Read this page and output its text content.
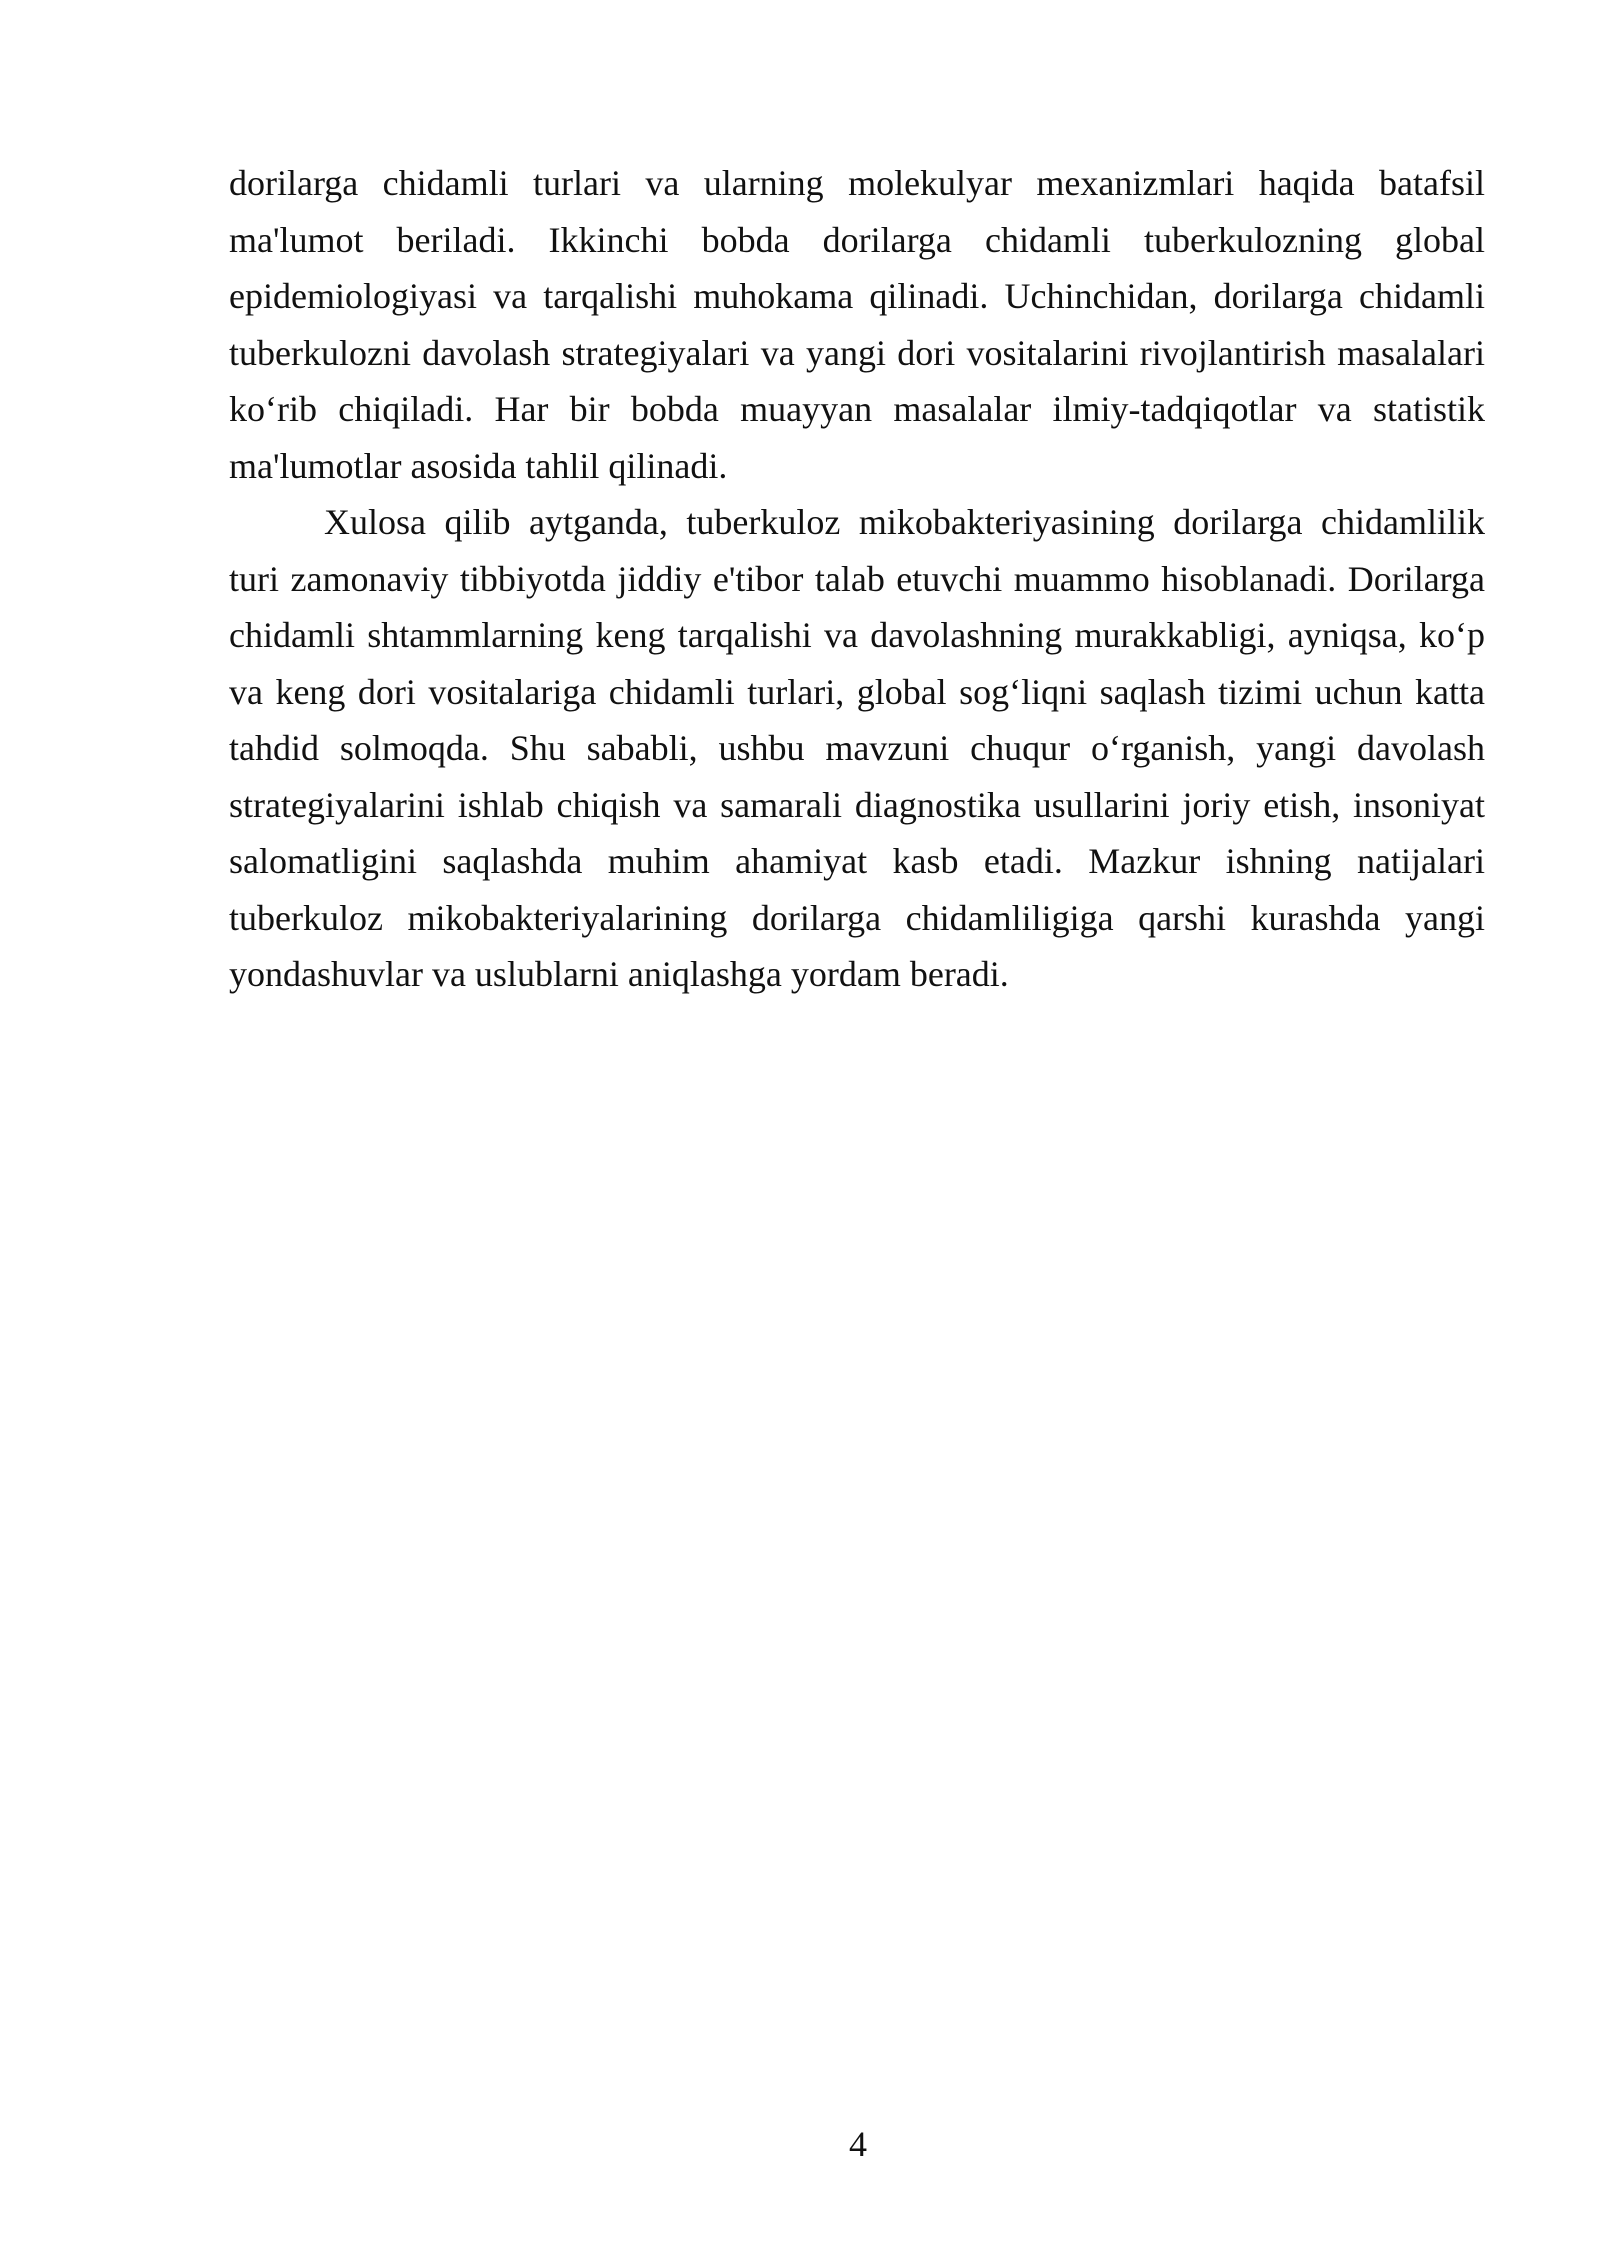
dorilarga chidamli turlari va ularning molekulyar mexanizmlari haqida batafsil ma'lumot beriladi. Ikkinchi bobda dorilarga chidamli tuberkulozning global epidemiologiyasi va tarqalishi muhokama qilinadi. Uchinchidan, dorilarga chidamli tuberkulozni davolash strategiyalari va yangi dori vositalarini rivojlantirish masalalari ko‘rib chiqiladi. Har bir bobda muayyan masalalar ilmiy-tadqiqotlar va statistik ma'lumotlar asosida tahlil qilinadi.

Xulosa qilib aytganda, tuberkuloz mikobakteriyasining dorilarga chidamlilik turi zamonaviy tibbiyotda jiddiy e'tibor talab etuvchi muammo hisoblanadi. Dorilarga chidamli shtammlarning keng tarqalishi va davolashning murakkabligi, ayniqsa, ko‘p va keng dori vositalariga chidamli turlari, global sog‘liqni saqlash tizimi uchun katta tahdid solmoqda. Shu sababli, ushbu mavzuni chuqur o‘rganish, yangi davolash strategiyalarini ishlab chiqish va samarali diagnostika usullarini joriy etish, insoniyat salomatligini saqlashda muhim ahamiyat kasb etadi. Mazkur ishning natijalari tuberkuloz mikobakteriyalarining dorilarga chidamliligiga qarshi kurashda yangi yondashuvlar va uslublarni aniqlashga yordam beradi.

4
